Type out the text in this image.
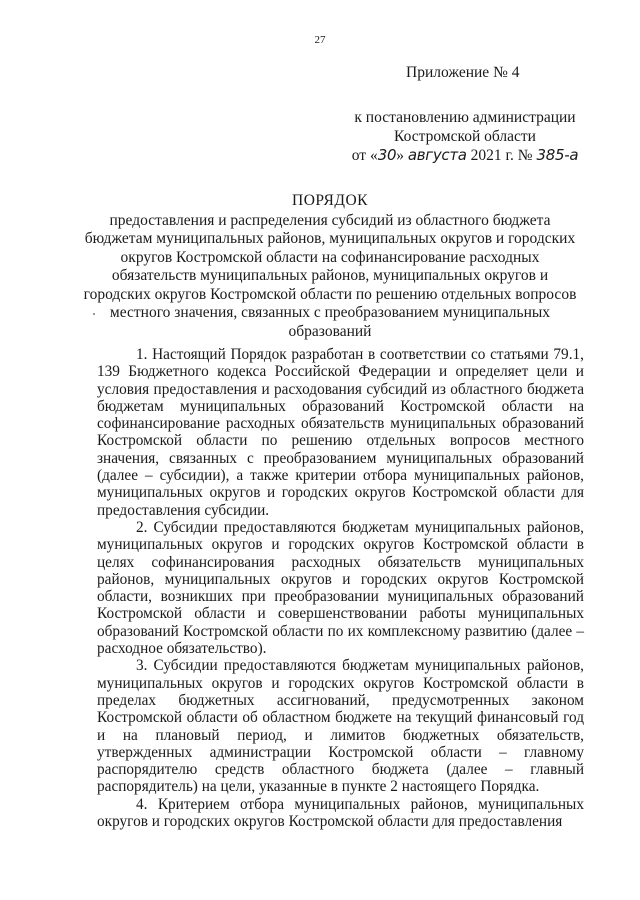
27
Приложение № 4
к постановлению администрации
Костромской области
от «30» августа 2021 г. № 385-а
ПОРЯДОК
предоставления и распределения субсидий из областного бюджета бюджетам муниципальных районов, муниципальных округов и городских округов Костромской области на софинансирование расходных обязательств муниципальных районов, муниципальных округов и городских округов Костромской области по решению отдельных вопросов местного значения, связанных с преобразованием муниципальных образований

1. Настоящий Порядок разработан в соответствии со статьями 79.1, 139 Бюджетного кодекса Российской Федерации и определяет цели и условия предоставления и расходования субсидий из областного бюджета бюджетам муниципальных образований Костромской области на софинансирование расходных обязательств муниципальных образований Костромской области по решению отдельных вопросов местного значения, связанных с преобразованием муниципальных образований (далее – субсидии), а также критерии отбора муниципальных районов, муниципальных округов и городских округов Костромской области для предоставления субсидии.

2. Субсидии предоставляются бюджетам муниципальных районов, муниципальных округов и городских округов Костромской области в целях софинансирования расходных обязательств муниципальных районов, муниципальных округов и городских округов Костромской области, возникших при преобразовании муниципальных образований Костромской области и совершенствовании работы муниципальных образований Костромской области по их комплексному развитию (далее – расходное обязательство).

3. Субсидии предоставляются бюджетам муниципальных районов, муниципальных округов и городских округов Костромской области в пределах бюджетных ассигнований, предусмотренных законом Костромской области об областном бюджете на текущий финансовый год и на плановый период, и лимитов бюджетных обязательств, утвержденных администрации Костромской области – главному распорядителю средств областного бюджета (далее – главный распорядитель) на цели, указанные в пункте 2 настоящего Порядка.

4. Критерием отбора муниципальных районов, муниципальных округов и городских округов Костромской области для предоставления
